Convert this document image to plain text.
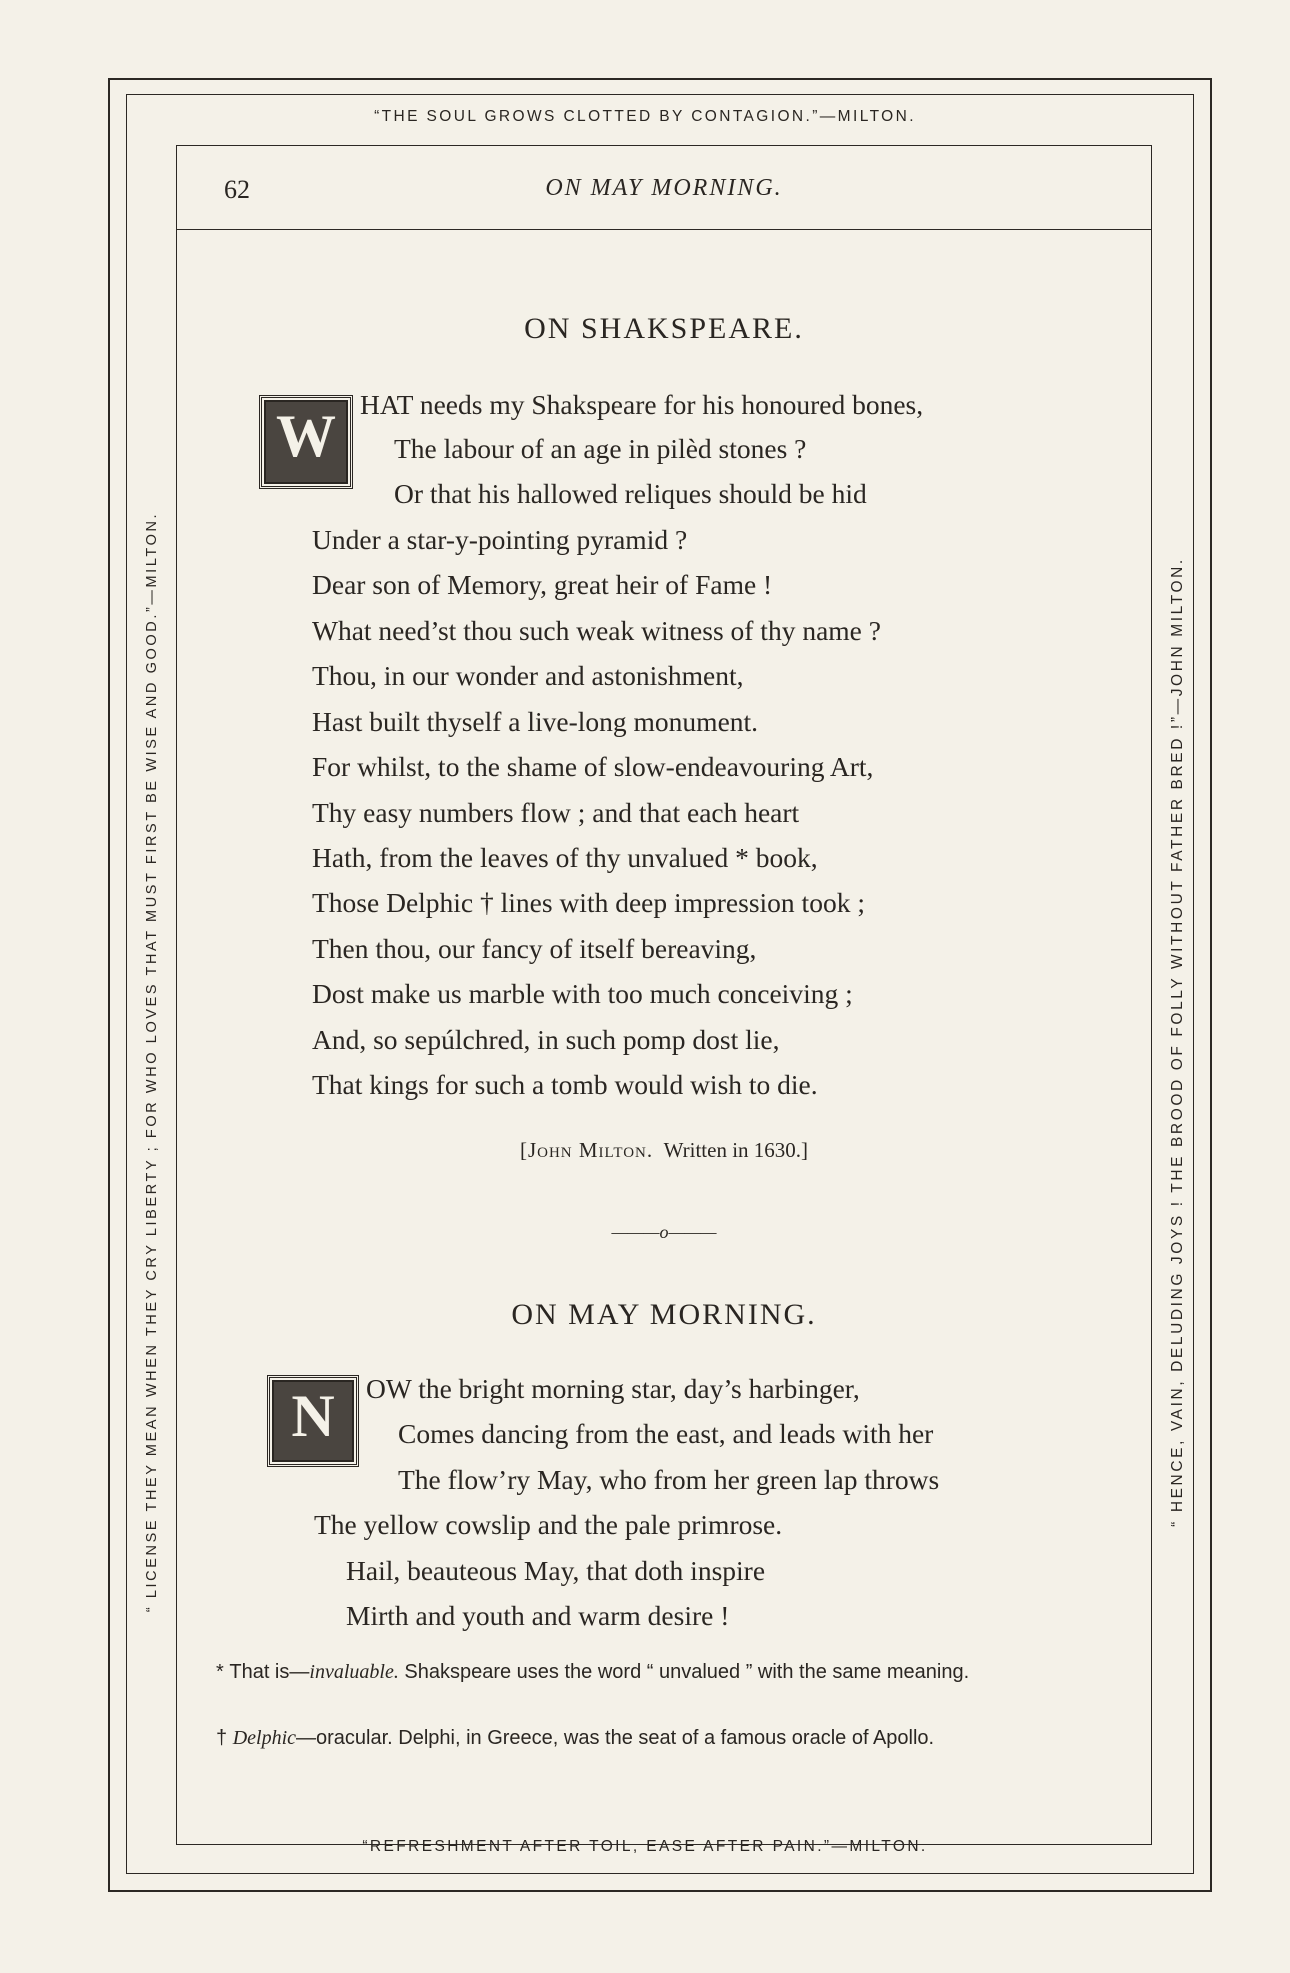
“THE SOUL GROWS CLOTTED BY CONTAGION.”—MILTON.
“REFRESHMENT AFTER TOIL, EASE AFTER PAIN.”—MILTON.
“ LICENSE THEY MEAN WHEN THEY CRY LIBERTY ; FOR WHO LOVES THAT MUST FIRST BE WISE AND GOOD.”—MILTON.	“ HENCE, VAIN, DELUDING JOYS ! THE BROOD OF FOLLY WITHOUT FATHER BRED !”—JOHN MILTON.
62	ON MAY MORNING.
ON SHAKSPEARE.
W HAT needs my Shakspeare for his honoured bones,
The labour of an age in pilèd stones ?
Or that his hallowed reliques should be hid
Under a star-y-pointing pyramid ?
Dear son of Memory, great heir of Fame !
What need’st thou such weak witness of thy name ?
Thou, in our wonder and astonishment,
Hast built thyself a live-long monument.
For whilst, to the shame of slow-endeavouring Art,
Thy easy numbers flow ; and that each heart
Hath, from the leaves of thy unvalued * book,
Those Delphic † lines with deep impression took ;
Then thou, our fancy of itself bereaving,
Dost make us marble with too much conceiving ;
And, so sepúlchred, in such pomp dost lie,
That kings for such a tomb would wish to die.
[John Milton. Written in 1630.]
———o———
ON MAY MORNING.
N	OW the bright morning star, day’s harbinger,
Comes dancing from the east, and leads with her
The flow’ry May, who from her green lap throws
The yellow cowslip and the pale primrose.
Hail, beauteous May, that doth inspire
Mirth and youth and warm desire !
* That is—invaluable. Shakspeare uses the word “ unvalued ” with the same meaning.
† Delphic—oracular. Delphi, in Greece, was the seat of a famous oracle of Apollo.
